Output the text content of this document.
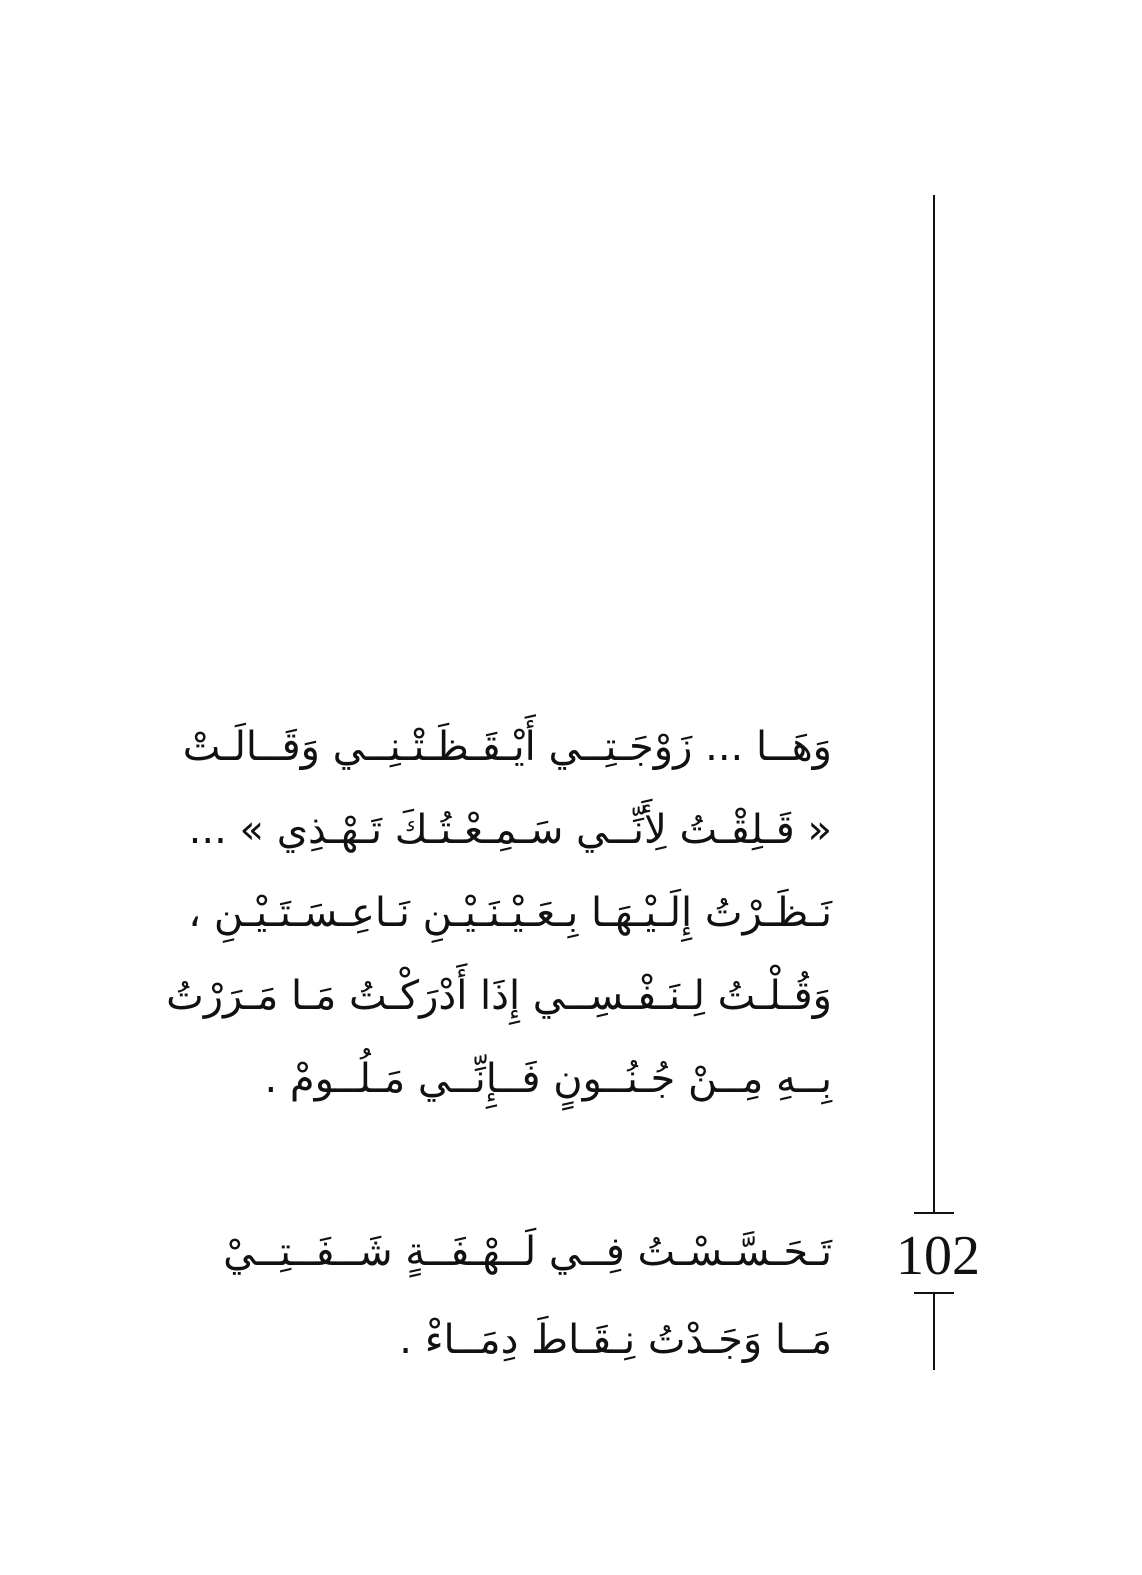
وَهَــا ... زَوْجَـتِــي أَيْـقَـظَـتْـنِــي وَقَــالَـتْ
« قَـلِقْـتُ لِأَنِّــي سَـمِـعْـتُـكَ تَـهْـذِي » ...
نَـظَـرْتُ إِلَـيْـهَـا بِـعَـيْـنَـيْـنِ نَـاعِـسَـتَـيْـنِ ،
وَقُـلْـتُ لِـنَـفْـسِــي إِذَا أَدْرَكْـتُ مَـا مَـرَرْتُ
بِــهِ مِــنْ جُـنُــونٍ فَــإِنِّــي مَـلُــومْ .
تَـحَـسَّـسْـتُ فِــي لَــهْـفَــةٍ شَــفَــتِــيْ
مَــا وَجَـدْتُ نِـقَـاطَ دِمَــاءْ .
102
